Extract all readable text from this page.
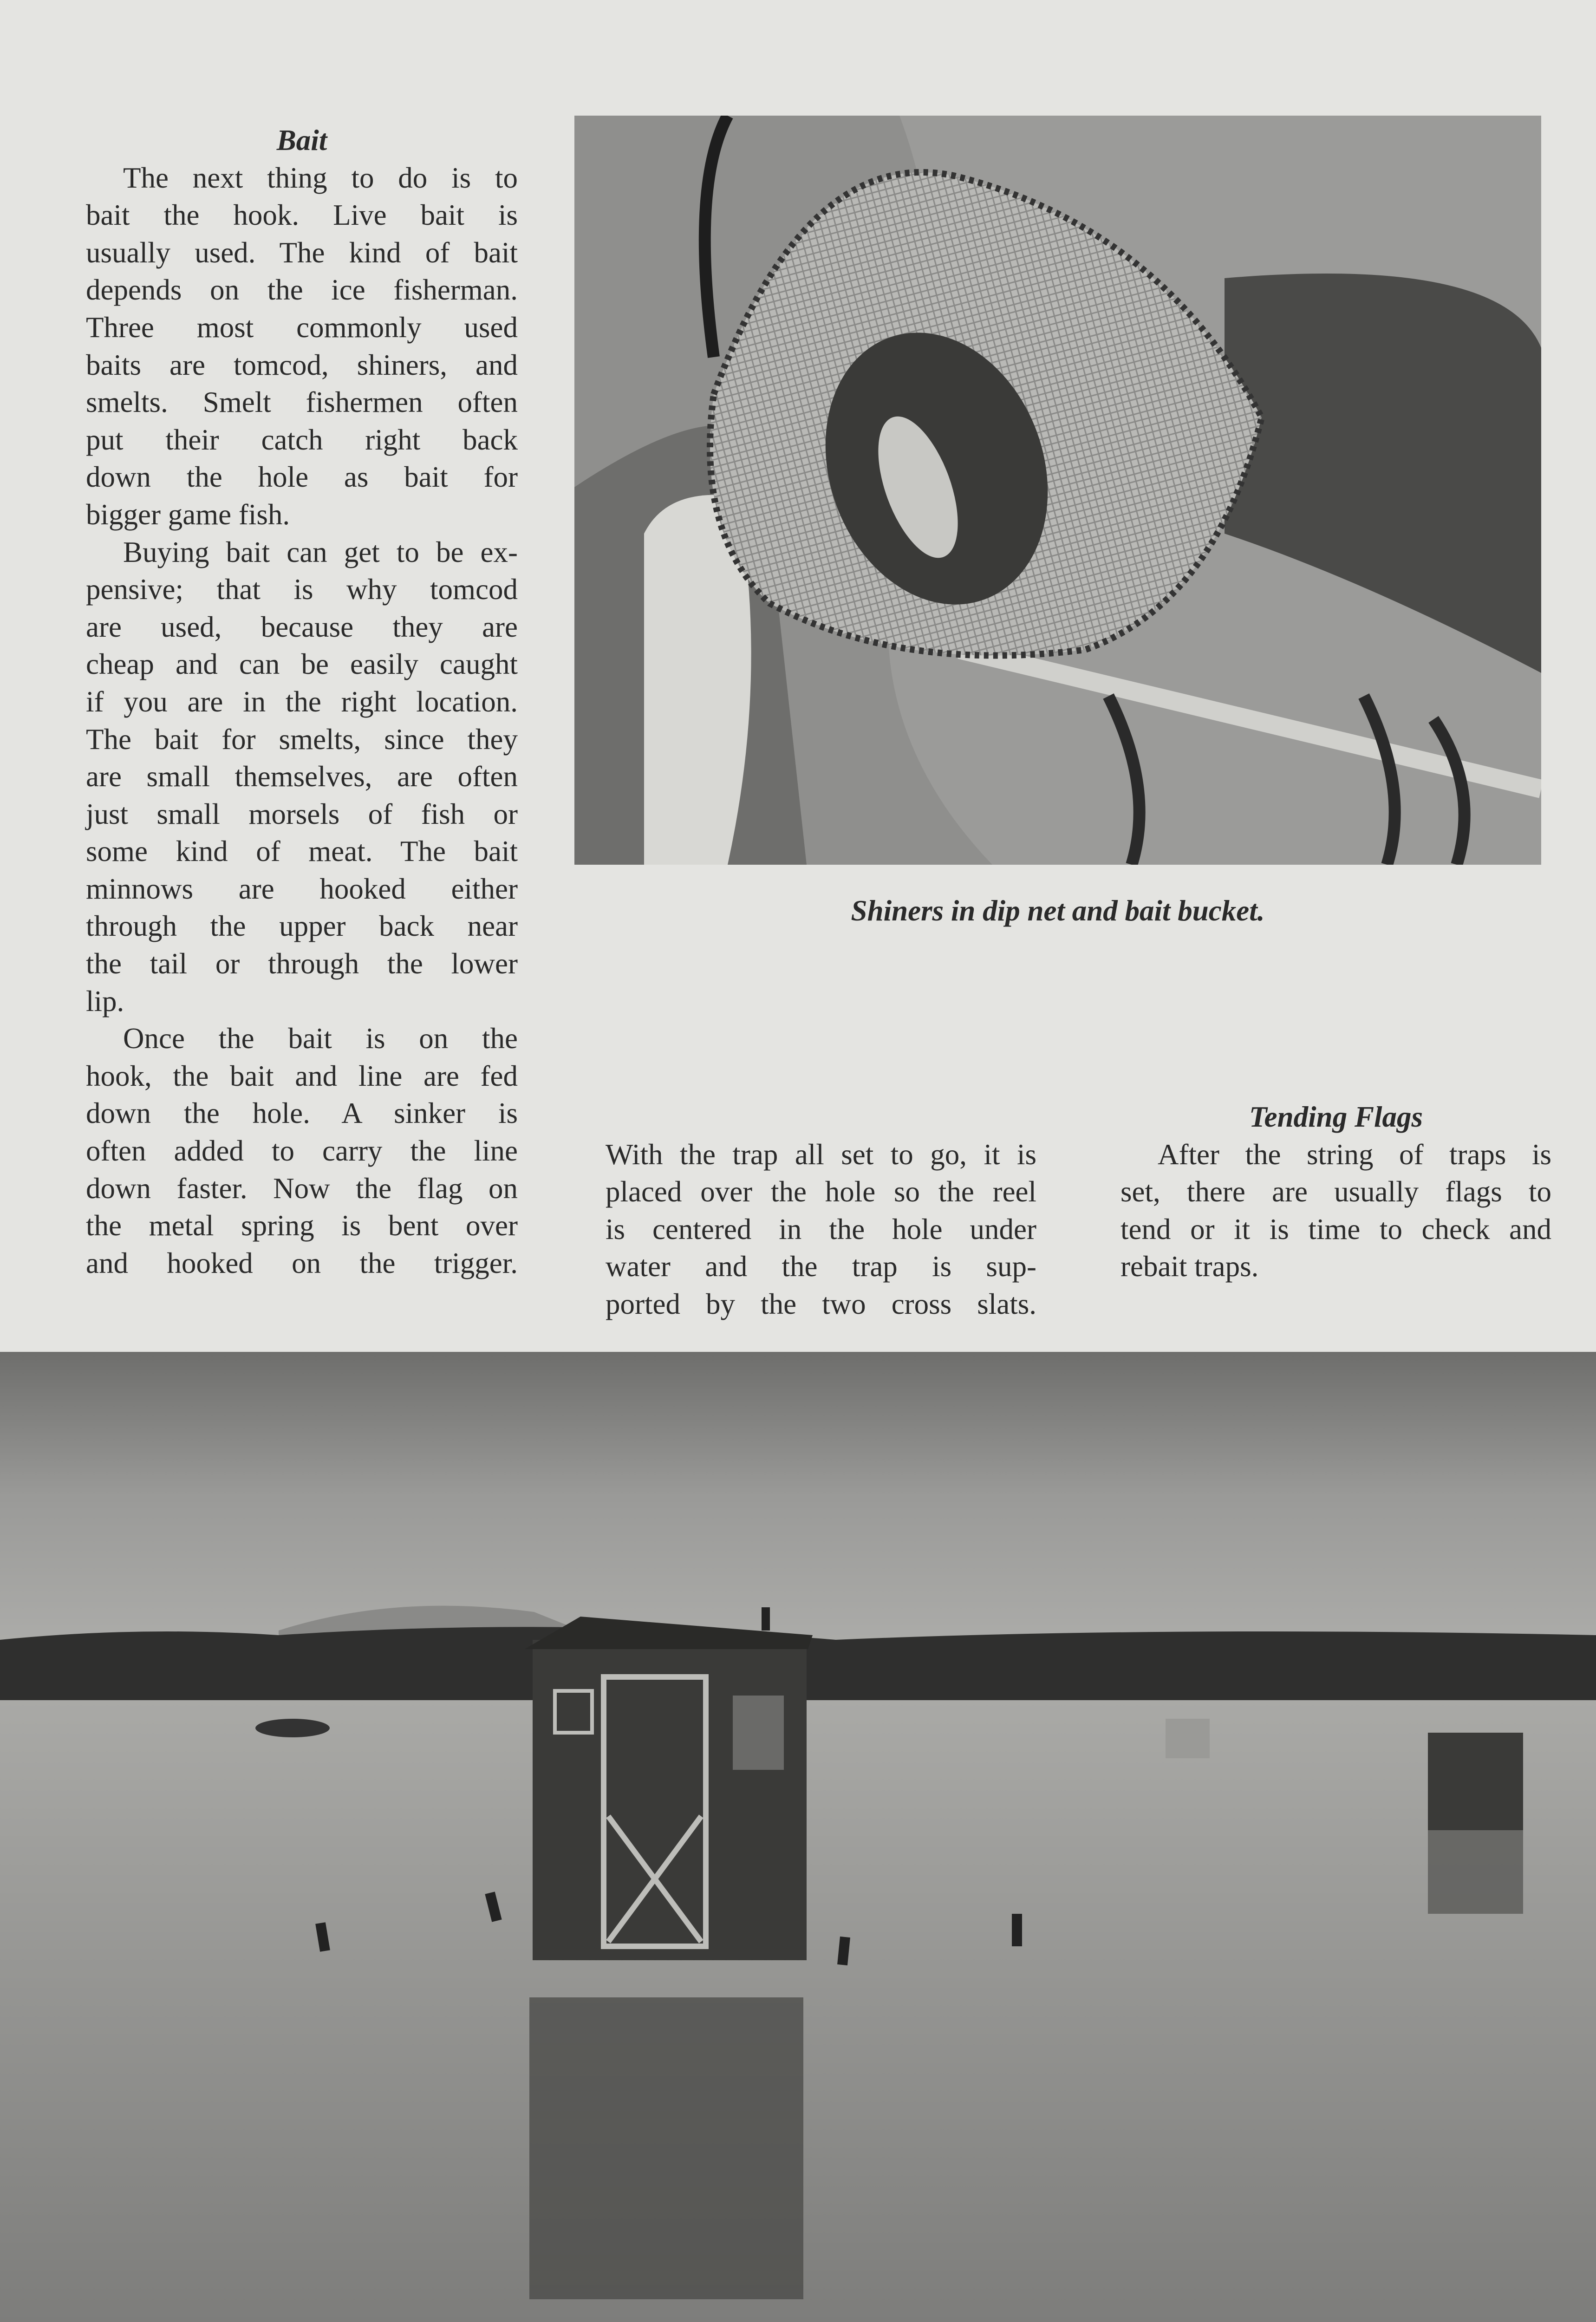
Bait
The next thing to do is to
bait the hook. Live bait is
usually used. The kind of bait
depends on the ice fisherman.
Three most commonly used
baits are tomcod, shiners, and
smelts. Smelt fishermen often
put their catch right back
down the hole as bait for
bigger game fish.
Buying bait can get to be ex-
pensive; that is why tomcod
are used, because they are
cheap and can be easily caught
if you are in the right location.
The bait for smelts, since they
are small themselves, are often
just small morsels of fish or
some kind of meat. The bait
minnows are hooked either
through the upper back near
the tail or through the lower
lip.
Once the bait is on the
hook, the bait and line are fed
down the hole. A sinker is
often added to carry the line
down faster. Now the flag on
the metal spring is bent over
and hooked on the trigger.
Shiners in dip net and bait bucket.
With the trap all set to go, it is
placed over the hole so the reel
is centered in the hole under
water and the trap is sup-
ported by the two cross slats.
Tending Flags
After the string of traps is
set, there are usually flags to
tend or it is time to check and
rebait traps.
